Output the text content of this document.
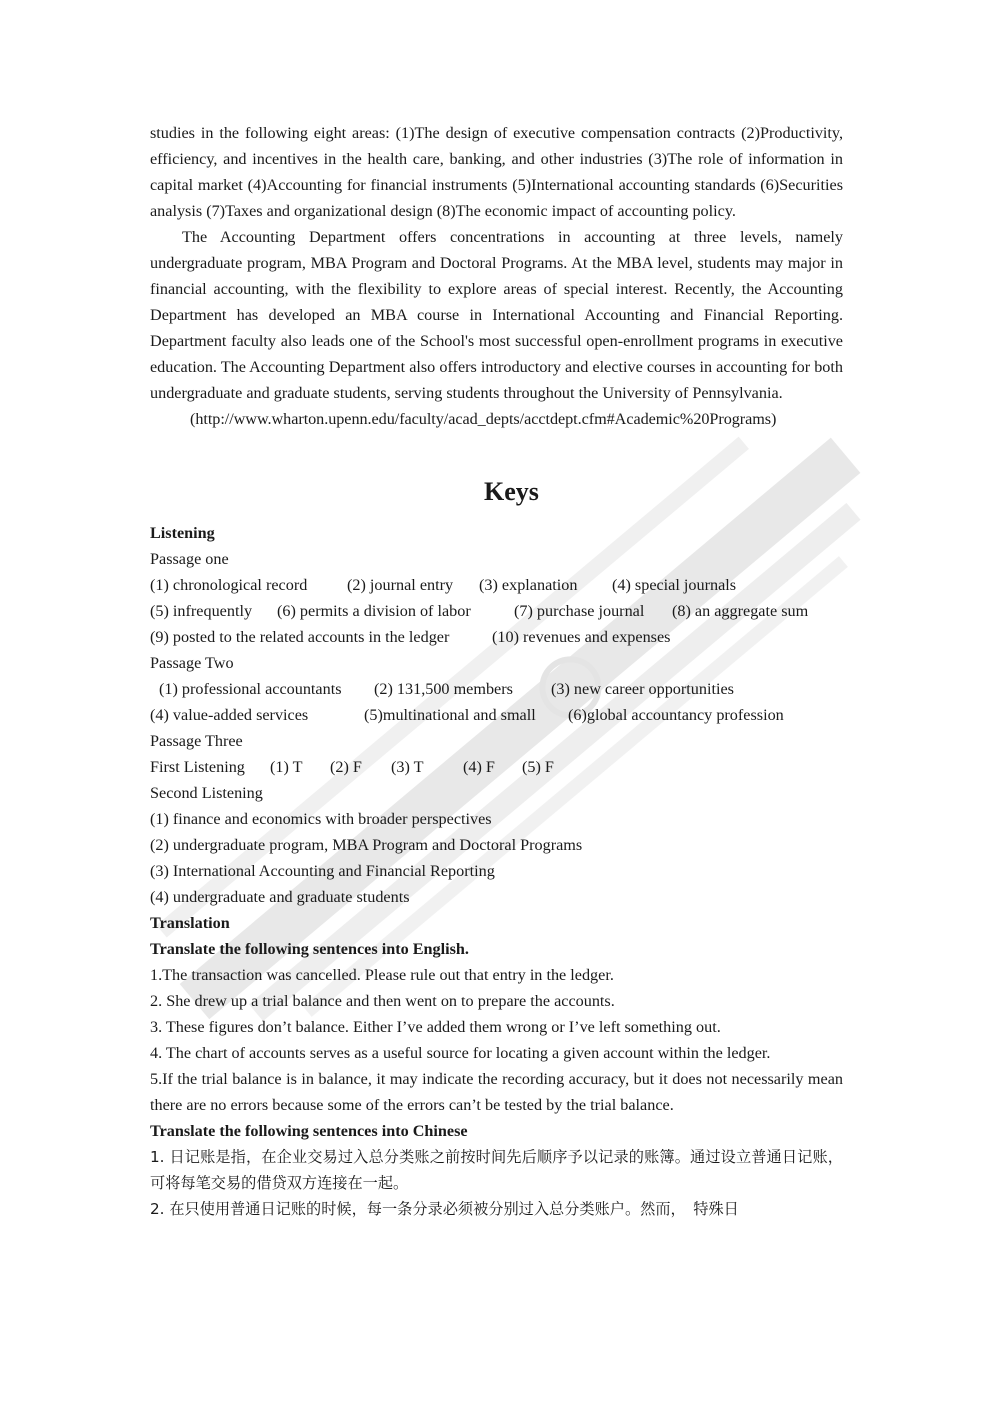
studies in the following eight areas: (1)The design of executive compensation contracts (2)Productivity, efficiency, and incentives in the health care, banking, and other industries (3)The role of information in capital market (4)Accounting for financial instruments (5)International accounting standards (6)Securities analysis (7)Taxes and organizational design (8)The economic impact of accounting policy.

The Accounting Department offers concentrations in accounting at three levels, namely undergraduate program, MBA Program and Doctoral Programs. At the MBA level, students may major in financial accounting, with the flexibility to explore areas of special interest. Recently, the Accounting Department has developed an MBA course in International Accounting and Financial Reporting. Department faculty also leads one of the School's most successful open-enrollment programs in executive education. The Accounting Department also offers introductory and elective courses in accounting for both undergraduate and graduate students, serving students throughout the University of Pennsylvania.

(http://www.wharton.upenn.edu/faculty/acad_depts/acctdept.cfm#Academic%20Programs)

Keys

Listening

Passage one

(1) chronological record (2) journal entry (3) explanation (4) special journals

(5) infrequently (6) permits a division of labor	(7) purchase journal (8) an aggregate sum

(9) posted to the related accounts in the ledger	(10) revenues and expenses

Passage Two

(1) professional accountants (2) 131,500 members (3) new career opportunities

(4) value-added services	(5)multinational and small (6)global accountancy profession

Passage Three

First Listening (1) T (2) F (3) T (4) F (5) F

Second Listening

(1) finance and economics with broader perspectives

(2) undergraduate program, MBA Program and Doctoral Programs

(3) International Accounting and Financial Reporting

(4) undergraduate and graduate students

Translation

Translate the following sentences into English.

1.The transaction was cancelled. Please rule out that entry in the ledger.

2. She drew up a trial balance and then went on to prepare the accounts.

3. These figures don’t balance. Either I’ve added them wrong or I’ve left something out.

4. The chart of accounts serves as a useful source for locating a given account within the ledger.

5.If the trial balance is in balance, it may indicate the recording accuracy, but it does not necessarily mean there are no errors because some of the errors can’t be tested by the trial balance.

Translate the following sentences into Chinese

1. 日记账是指，在企业交易过入总分类账之前按时间先后顺序予以记录的账簿。通过设立普通日记账，可将每笔交易的借贷双方连接在一起。

2. 在只使用普通日记账的时候，每一条分录必须被分别过入总分类账户。然而，　特殊日
